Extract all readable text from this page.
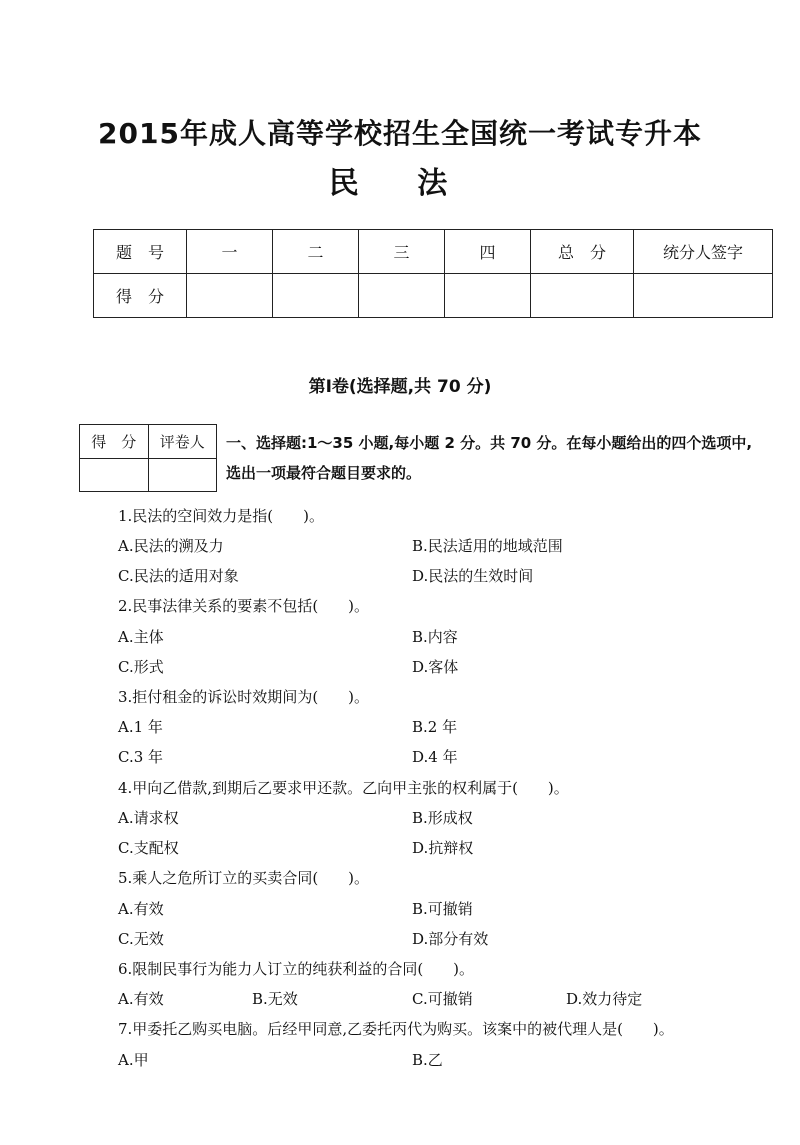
2015年成人高等学校招生全国统一考试专升本
民 法
题　号	一	二	三	四	总　分	统分人签字
得　分						
第Ⅰ卷(选择题,共 70 分)
得　分	评卷人
	一、选择题:1～35 小题,每小题 2 分。共 70 分。在每小题给出的四个选项中,选出一项最符合题目要求的。
1.民法的空间效力是指(　　)。
A.民法的溯及力	B.民法适用的地域范围
C.民法的适用对象	D.民法的生效时间
2.民事法律关系的要素不包括(　　)。
A.主体	B.内容
C.形式	D.客体
3.拒付租金的诉讼时效期间为(　　)。
A.1 年	B.2 年
C.3 年	D.4 年
4.甲向乙借款,到期后乙要求甲还款。乙向甲主张的权利属于(　　)。
A.请求权	B.形成权
C.支配权	D.抗辩权
5.乘人之危所订立的买卖合同(　　)。
A.有效	B.可撤销
C.无效	D.部分有效
6.限制民事行为能力人订立的纯获利益的合同(　　)。
A.有效	B.无效	C.可撤销	D.效力待定
7.甲委托乙购买电脑。后经甲同意,乙委托丙代为购买。该案中的被代理人是(　　)。
A.甲	B.乙
